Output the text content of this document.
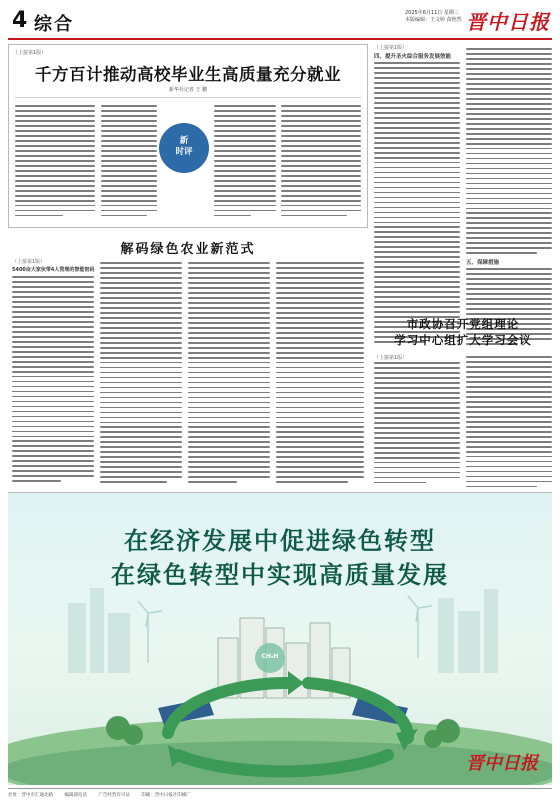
4 综合
2025年6月11日 星期三
本版编辑：王文婷 苗艳然 晋中日报
（上接第1版）
千方百计推动高校毕业生高质量充分就业
新华社记者 王 鹏
新
时评
解码绿色农业新范式
（上接第1版）
5400亩大家伙带4人管理的智能密码
（上接第1版）
四、提升圣火综合服务发展效能
五、保障措施
市政协召开党组理论
学习中心组扩大学习会议
（上接第1版）
在经济发展中促进绿色转型
在绿色转型中实现高质量发展
CH₄H
晋中日报
社址：晋中市汇通北路	编辑部电话	广告经营许可证	印刷：晋中日报社印刷厂
